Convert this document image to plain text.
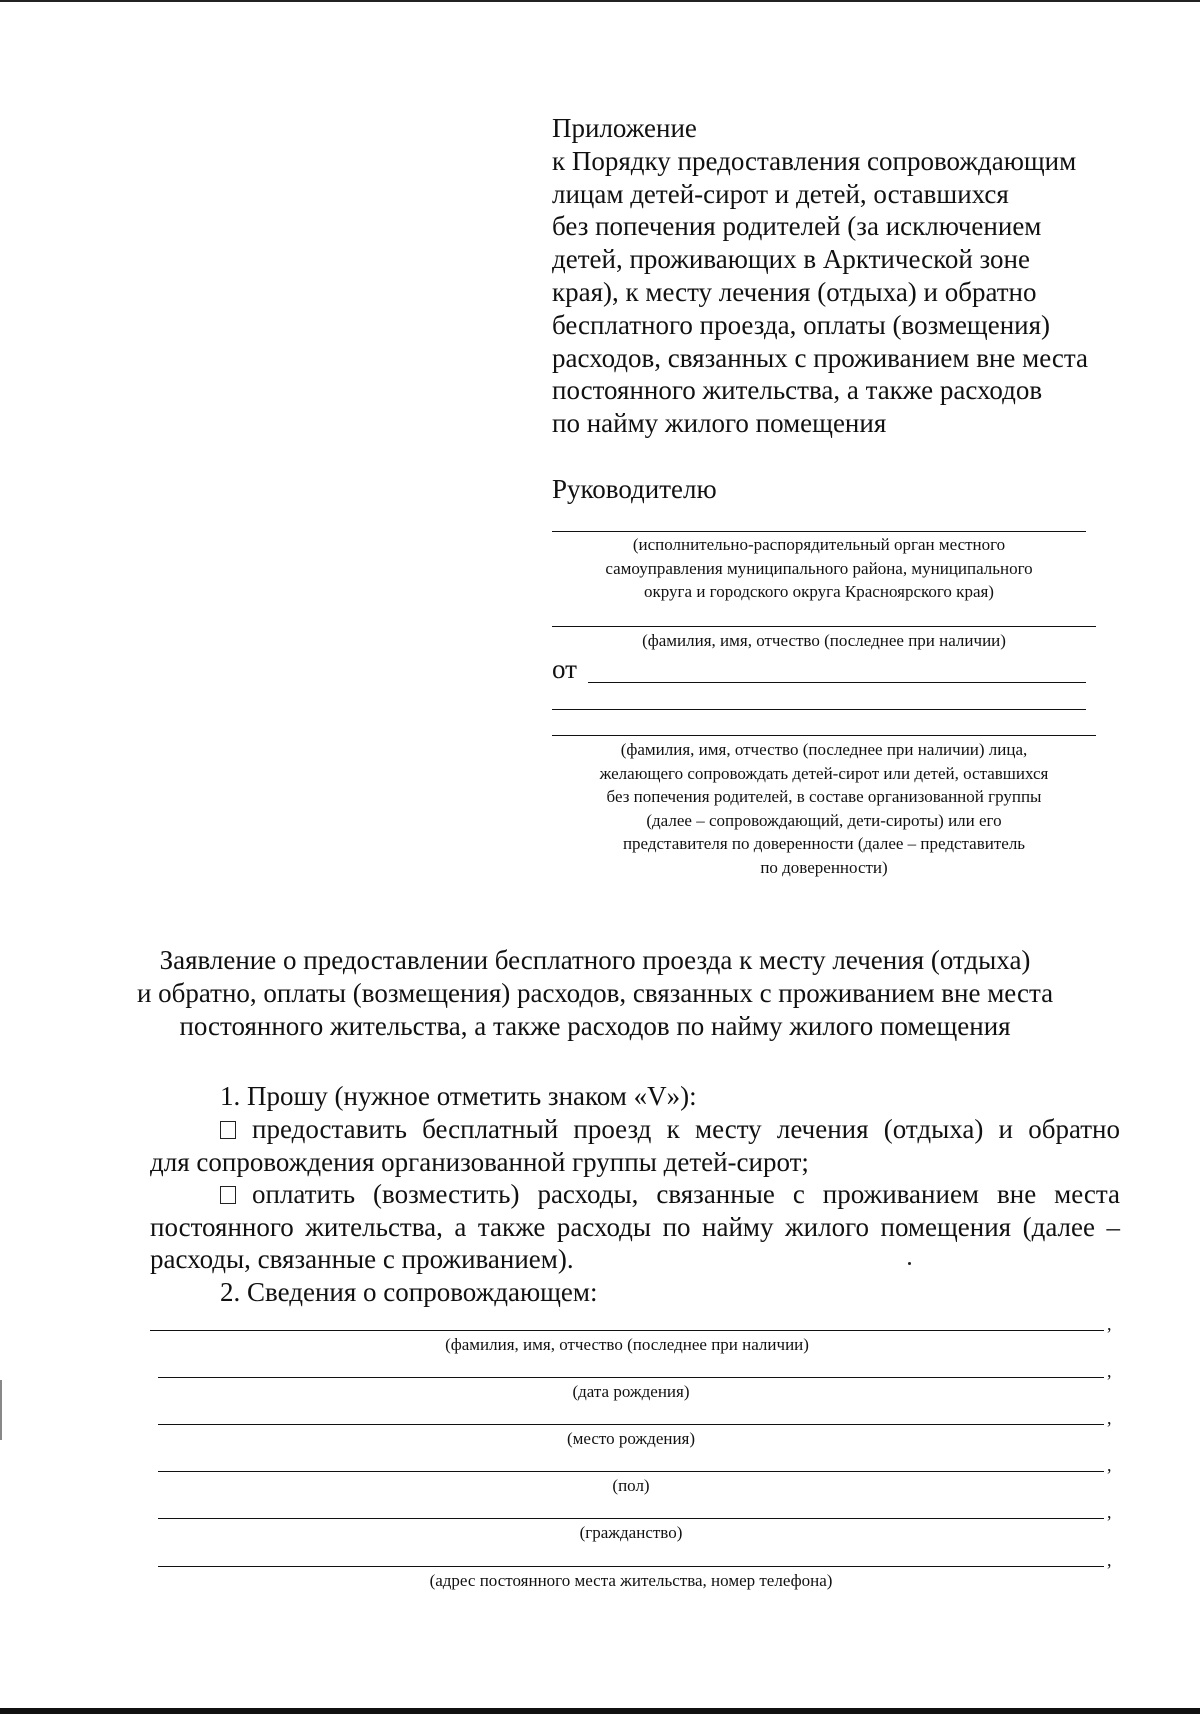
Приложение
к Порядку предоставления сопровождающим
лицам детей-сирот и детей, оставшихся
без попечения родителей (за исключением
детей, проживающих в Арктической зоне
края), к месту лечения (отдыха) и обратно
бесплатного проезда, оплаты (возмещения)
расходов, связанных с проживанием вне места
постоянного жительства, а также расходов
по найму жилого помещения
Руководителю
(исполнительно-распорядительный орган местного
самоуправления муниципального района, муниципального
округа и городского округа Красноярского края)
(фамилия, имя, отчество (последнее при наличии)
от
(фамилия, имя, отчество (последнее при наличии) лица,
желающего сопровождать детей-сирот или детей, оставшихся
без попечения родителей, в составе организованной группы
(далее – сопровождающий, дети-сироты) или его
представителя по доверенности (далее – представитель
по доверенности)
Заявление о предоставлении бесплатного проезда к месту лечения (отдыха)
и обратно, оплаты (возмещения) расходов, связанных с проживанием вне места
постоянного жительства, а также расходов по найму жилого помещения
1. Прошу (нужное отметить знаком «V»):
предоставить бесплатный проезд к месту лечения (отдыха) и обратно
для сопровождения организованной группы детей-сирот;
оплатить (возместить) расходы, связанные с проживанием вне места
постоянного жительства, а также расходы по найму жилого помещения (далее –
расходы, связанные с проживанием).
2. Сведения о сопровождающем:
,
(фамилия, имя, отчество (последнее при наличии)
,
(дата рождения)
,
(место рождения)
,
(пол)
,
(гражданство)
,
(адрес постоянного места жительства, номер телефона)
